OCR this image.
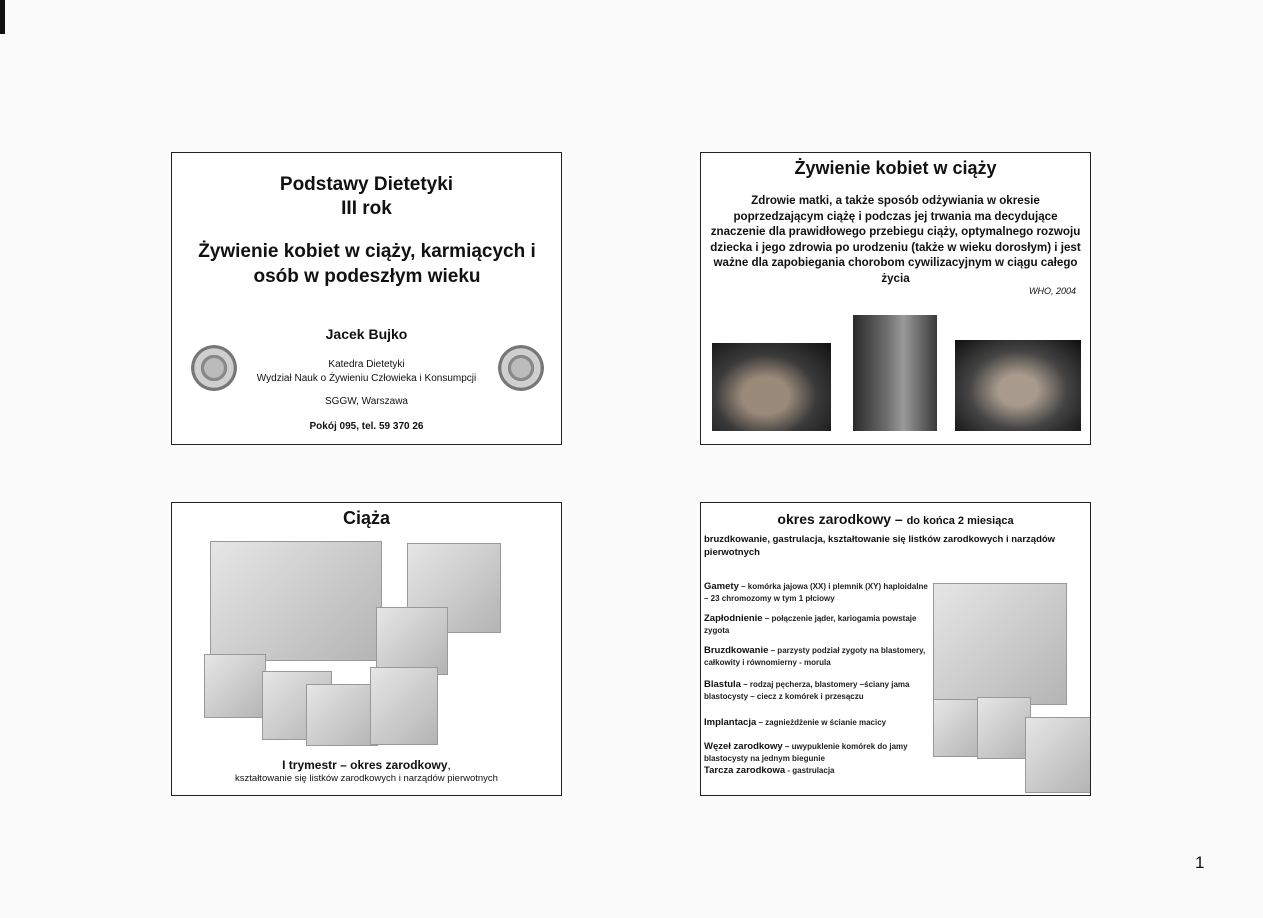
Podstawy Dietetyki
III rok
Żywienie kobiet w ciąży, karmiących i
osób w podeszłym wieku
Jacek Bujko
Katedra Dietetyki
Wydział Nauk o Żywieniu Człowieka i Konsumpcji
SGGW, Warszawa
Pokój 095, tel. 59 370 26
Żywienie kobiet w ciąży
Zdrowie matki, a także sposób odżywiania w okresie poprzedzającym ciążę i podczas jej trwania ma decydujące znaczenie dla prawidłowego przebiegu ciąży, optymalnego rozwoju dziecka i jego zdrowia po urodzeniu (także w wieku dorosłym) i jest ważne dla zapobiegania chorobom cywilizacyjnym w ciągu całego życia
WHO, 2004
Ciąża
I trymestr – okres zarodkowy,
kształtowanie się listków zarodkowych i narządów pierwotnych
okres zarodkowy – do końca 2 miesiąca
bruzdkowanie, gastrulacja, kształtowanie się listków zarodkowych i narządów pierwotnych
Gamety – komórka jajowa (XX) i plemnik (XY) haploidalne – 23 chromozomy w tym 1 płciowy
Zapłodnienie – połączenie jąder, kariogamia powstaje zygota
Bruzdkowanie – parzysty podział zygoty na blastomery, całkowity i równomierny - morula
Blastula – rodzaj pęcherza, blastomery –ściany jama blastocysty – ciecz z komórek i przesączu
Implantacja – zagnieżdżenie w ścianie macicy
Węzeł zarodkowy – uwypuklenie komórek do jamy blastocysty na jednym biegunie
Tarcza zarodkowa - gastrulacja
1
